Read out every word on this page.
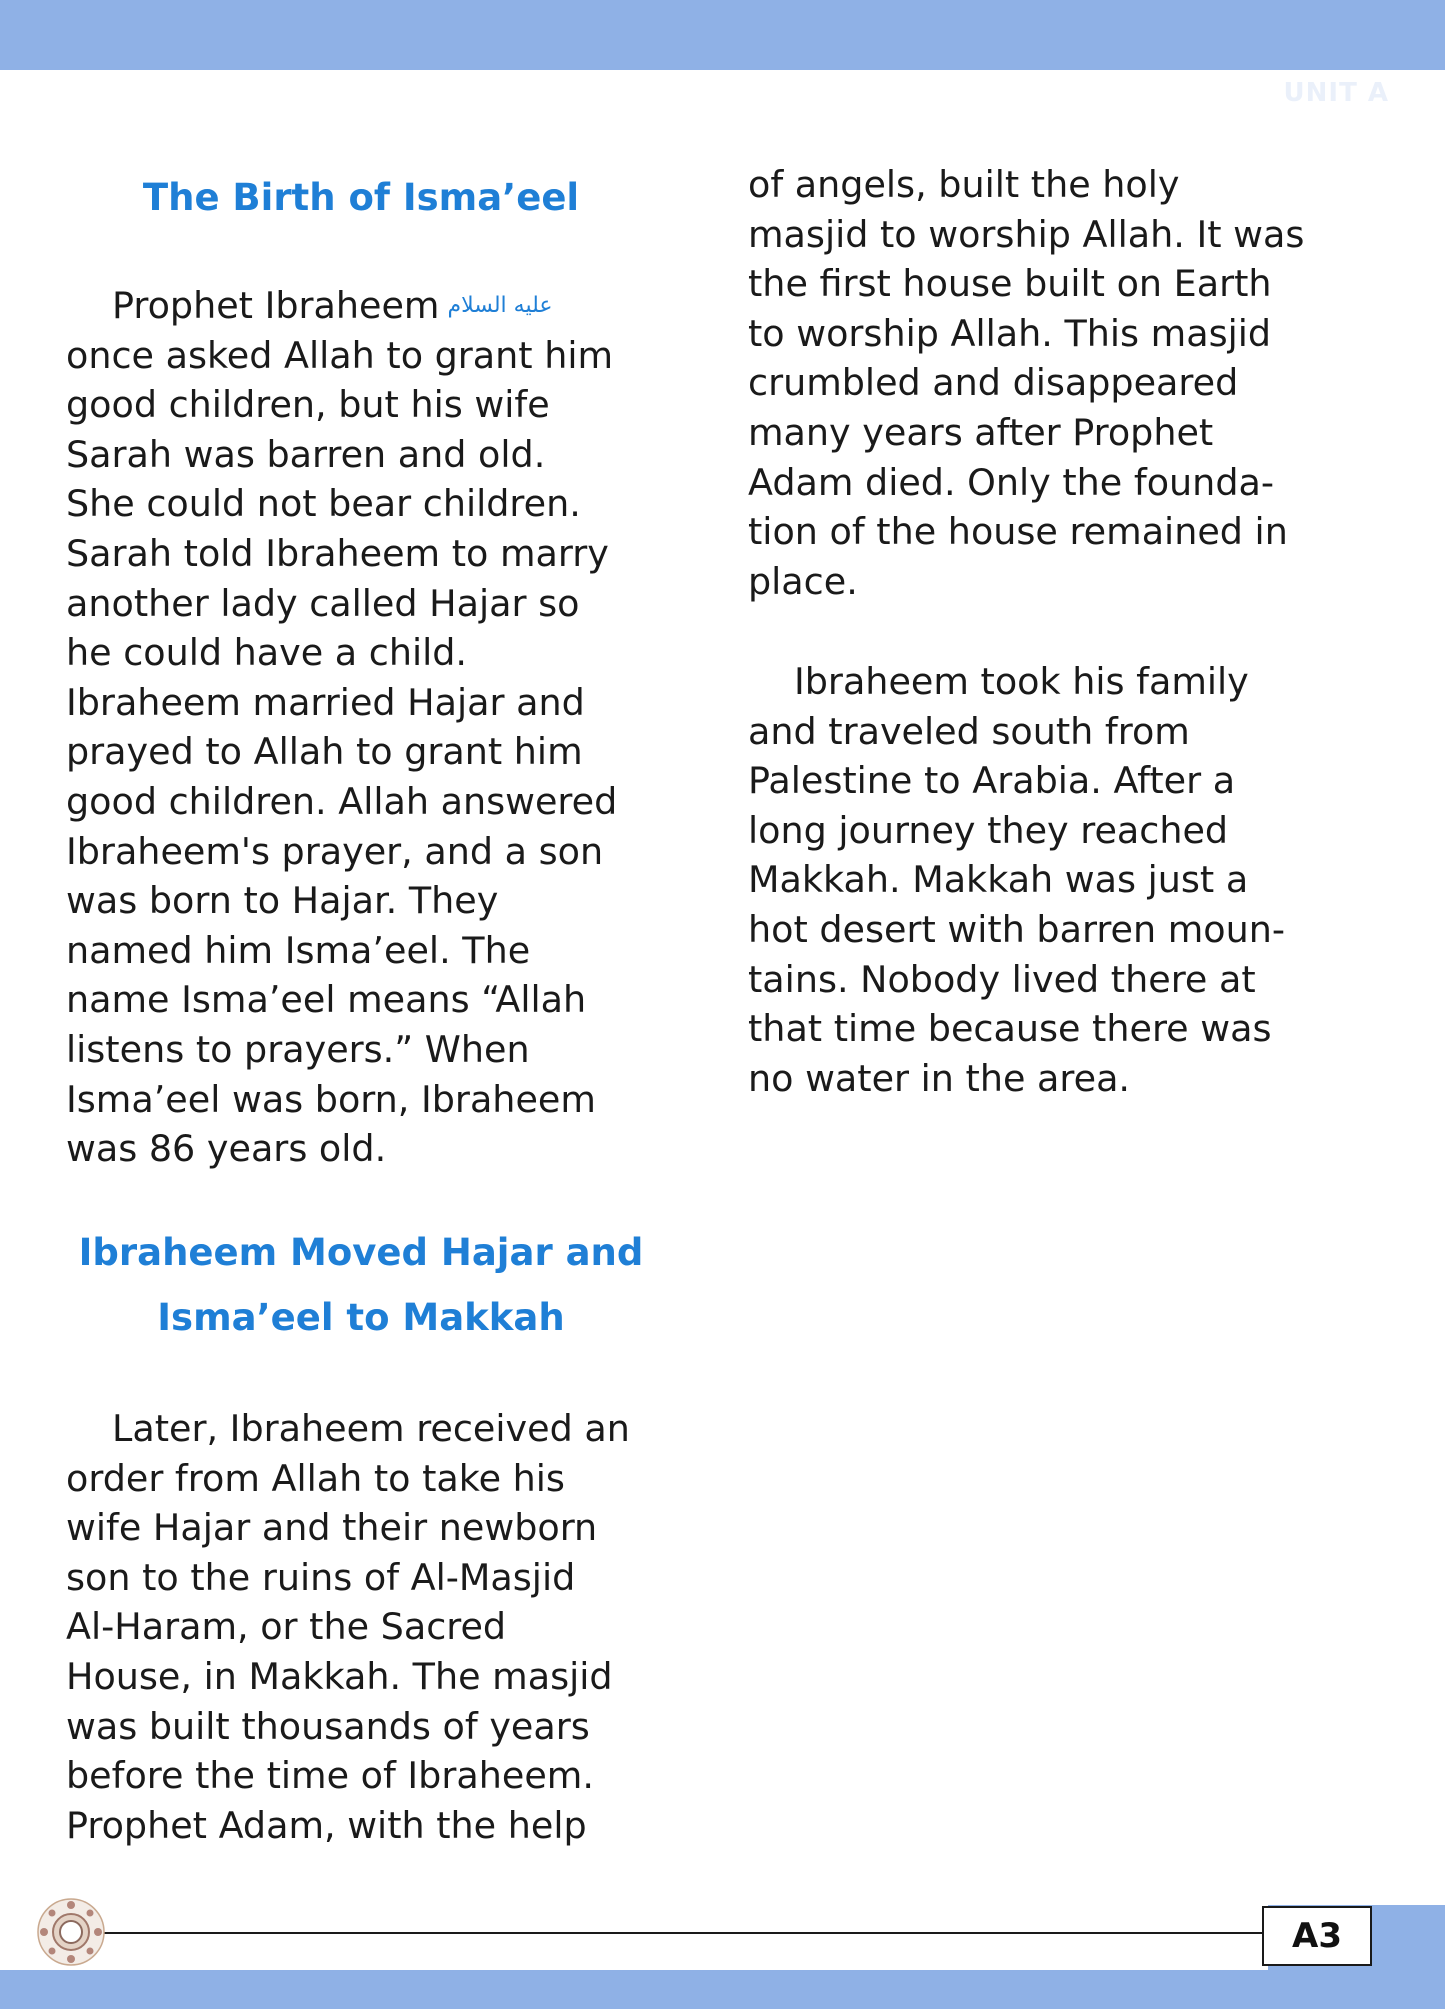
UNIT A
The Birth of Isma’eel
Prophet Ibraheem عليه السلام
once asked Allah to grant him
good children, but his wife
Sarah was barren and old.
She could not bear children.
Sarah told Ibraheem to marry
another lady called Hajar so
he could have a child.
Ibraheem married Hajar and
prayed to Allah to grant him
good children. Allah answered
Ibraheem's prayer, and a son
was born to Hajar. They
named him Isma’eel. The
name Isma’eel means “Allah
listens to prayers.” When
Isma’eel was born, Ibraheem
was 86 years old.
Ibraheem Moved Hajar and
Isma’eel to Makkah
Later, Ibraheem received an
order from Allah to take his
wife Hajar and their newborn
son to the ruins of Al-Masjid
Al-Haram, or the Sacred
House, in Makkah. The masjid
was built thousands of years
before the time of Ibraheem.
Prophet Adam, with the help
of angels, built the holy
masjid to worship Allah. It was
the first house built on Earth
to worship Allah. This masjid
crumbled and disappeared
many years after Prophet
Adam died. Only the founda-
tion of the house remained in
place.
Ibraheem took his family
and traveled south from
Palestine to Arabia. After a
long journey they reached
Makkah. Makkah was just a
hot desert with barren moun-
tains. Nobody lived there at
that time because there was
no water in the area.
A3
